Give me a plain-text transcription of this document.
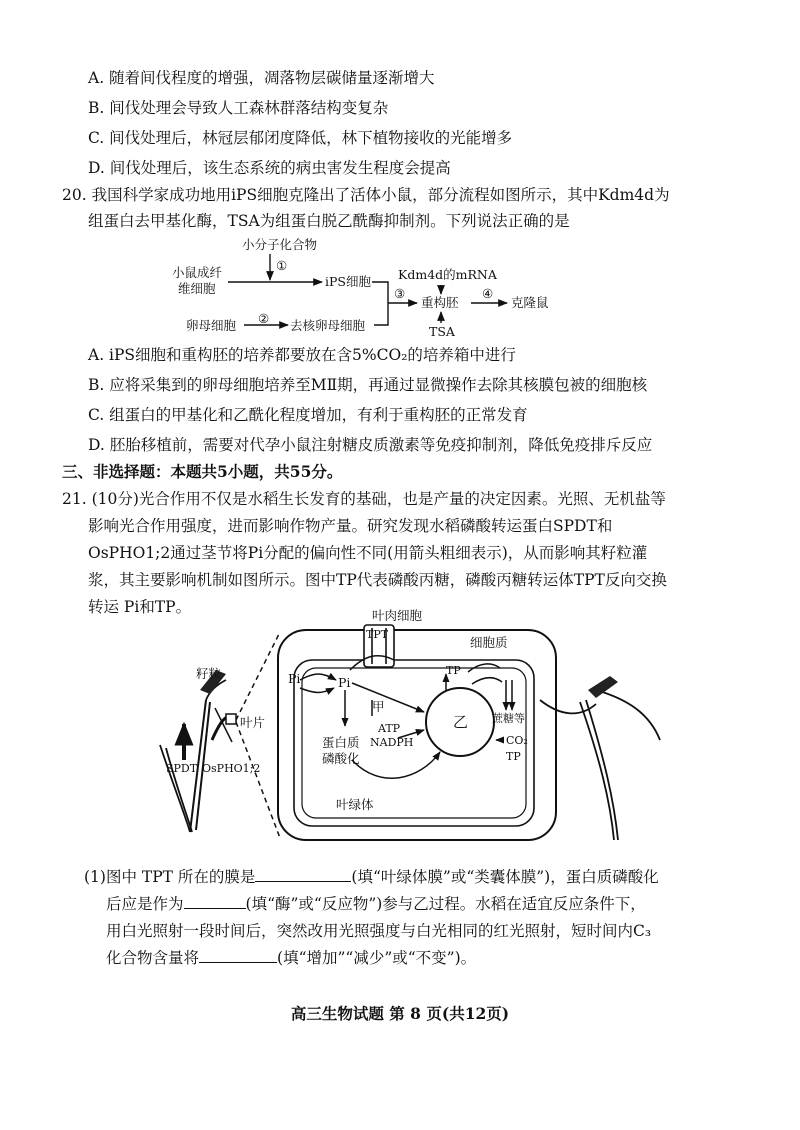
A. 随着间伐程度的增强，凋落物层碳储量逐渐增大
B. 间伐处理会导致人工森林群落结构变复杂
C. 间伐处理后，林冠层郁闭度降低，林下植物接收的光能增多
D. 间伐处理后，该生态系统的病虫害发生程度会提高
20. 我国科学家成功地用iPS细胞克隆出了活体小鼠，部分流程如图所示，其中Kdm4d为
组蛋白去甲基化酶，TSA为组蛋白脱乙酰酶抑制剂。下列说法正确的是
小分子化合物
①
小鼠成纤
维细胞	iPS细胞
卵母细胞 ② 去核卵母细胞
③
Kdm4d的mRNA
重构胚
TSA
④
克隆鼠
A. iPS细胞和重构胚的培养都要放在含5%CO₂的培养箱中进行
B. 应将采集到的卵母细胞培养至MⅡ期，再通过显微操作去除其核膜包被的细胞核
C. 组蛋白的甲基化和乙酰化程度增加，有利于重构胚的正常发育
D. 胚胎移植前，需要对代孕小鼠注射糖皮质激素等免疫抑制剂，降低免疫排斥反应
三、非选择题：本题共5小题，共55分。
21. (10分)光合作用不仅是水稻生长发育的基础，也是产量的决定因素。光照、无机盐等
影响光合作用强度，进而影响作物产量。研究发现水稻磷酸转运蛋白SPDT和
OsPHO1;2通过茎节将Pi分配的偏向性不同(用箭头粗细表示)，从而影响其籽粒灌
浆，其主要影响机制如图所示。图中TP代表磷酸丙糖，磷酸丙糖转运体TPT反向交换
转运 Pi和TP。	叶肉细胞
TPT
细胞质
籽粒
叶片
Pi	Pi
甲
TP
ATP
NADPH
乙
蛋白质
磷酸化
蔗糖等
CO₂
TP
SPDT OsPHO1;2
叶绿体
(1)图中 TPT 所在的膜是	(填“叶绿体膜”或“类囊体膜”)，蛋白质磷酸化
后应是作为	(填“酶”或“反应物”)参与乙过程。水稻在适宜反应条件下，
用白光照射一段时间后，突然改用光照强度与白光相同的红光照射，短时间内C₃
化合物含量将	(填“增加”“减少”或“不变”)。
高三生物试题 第 8 页(共12页)
